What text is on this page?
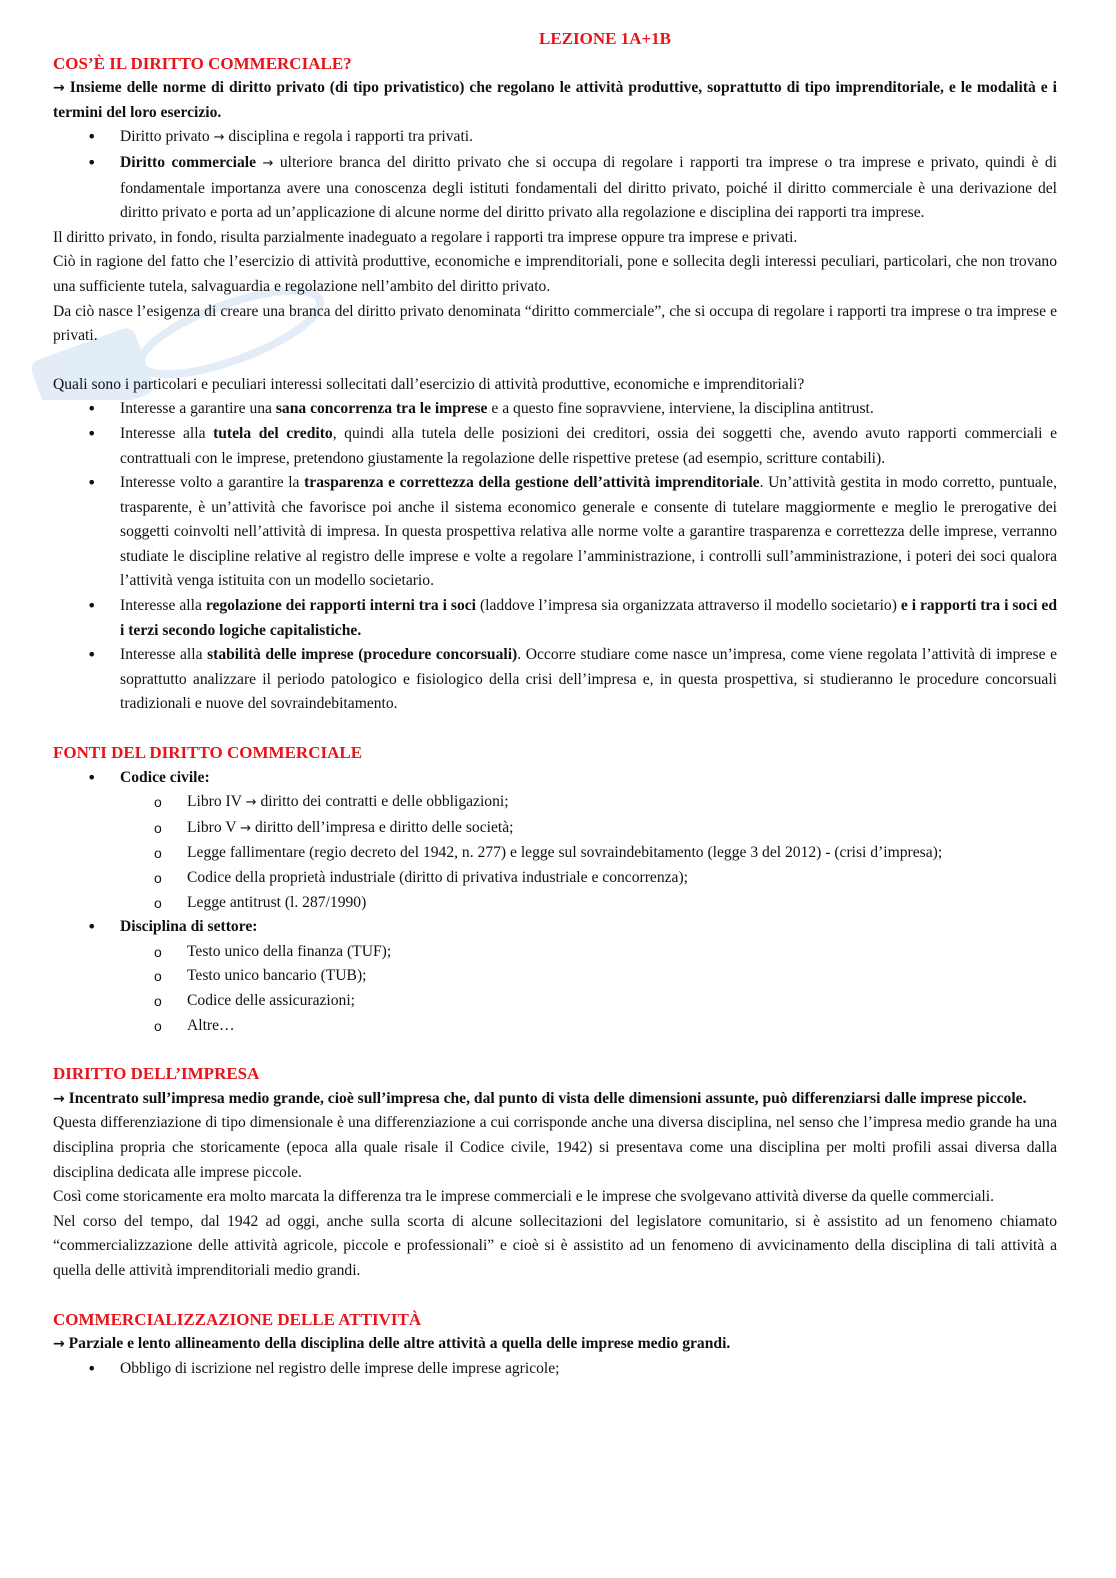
LEZIONE 1A+1B
COS’È IL DIRITTO COMMERCIALE?

→ Insieme delle norme di diritto privato (di tipo privatistico) che regolano le attività produttive, soprattutto di tipo imprenditoriale, e le modalità e i termini del loro esercizio.

• Diritto privato → disciplina e regola i rapporti tra privati.
• Diritto commerciale → ulteriore branca del diritto privato che si occupa di regolare i rapporti tra imprese o tra imprese e privato, quindi è di fondamentale importanza avere una conoscenza degli istituti fondamentali del diritto privato, poiché il diritto commerciale è una derivazione del diritto privato e porta ad un’applicazione di alcune norme del diritto privato alla regolazione e disciplina dei rapporti tra imprese.

Il diritto privato, in fondo, risulta parzialmente inadeguato a regolare i rapporti tra imprese oppure tra imprese e privati.

Ciò in ragione del fatto che l’esercizio di attività produttive, economiche e imprenditoriali, pone e sollecita degli interessi peculiari, particolari, che non trovano una sufficiente tutela, salvaguardia e regolazione nell’ambito del diritto privato.

Da ciò nasce l’esigenza di creare una branca del diritto privato denominata “diritto commerciale”, che si occupa di regolare i rapporti tra imprese o tra imprese e privati.

Quali sono i particolari e peculiari interessi sollecitati dall’esercizio di attività produttive, economiche e imprenditoriali?

• Interesse a garantire una sana concorrenza tra le imprese e a questo fine sopravviene, interviene, la disciplina antitrust.
• Interesse alla tutela del credito, quindi alla tutela delle posizioni dei creditori, ossia dei soggetti che, avendo avuto rapporti commerciali e contrattuali con le imprese, pretendono giustamente la regolazione delle rispettive pretese (ad esempio, scritture contabili).
• Interesse volto a garantire la trasparenza e correttezza della gestione dell’attività imprenditoriale. Un’attività gestita in modo corretto, puntuale, trasparente, è un’attività che favorisce poi anche il sistema economico generale e consente di tutelare maggiormente e meglio le prerogative dei soggetti coinvolti nell’attività di impresa. In questa prospettiva relativa alle norme volte a garantire trasparenza e correttezza delle imprese, verranno studiate le discipline relative al registro delle imprese e volte a regolare l’amministrazione, i controlli sull’amministrazione, i poteri dei soci qualora l’attività venga istituita con un modello societario.
• Interesse alla regolazione dei rapporti interni tra i soci (laddove l’impresa sia organizzata attraverso il modello societario) e i rapporti tra i soci ed i terzi secondo logiche capitalistiche.
• Interesse alla stabilità delle imprese (procedure concorsuali). Occorre studiare come nasce un’impresa, come viene regolata l’attività di imprese e soprattutto analizzare il periodo patologico e fisiologico della crisi dell’impresa e, in questa prospettiva, si studieranno le procedure concorsuali tradizionali e nuove del sovraindebitamento.
FONTI DEL DIRITTO COMMERCIALE
• Codice civile:
o Libro IV → diritto dei contratti e delle obbligazioni;
o Libro V → diritto dell’impresa e diritto delle società;
o Legge fallimentare (regio decreto del 1942, n. 277) e legge sul sovraindebitamento (legge 3 del 2012) - (crisi d’impresa);
o Codice della proprietà industriale (diritto di privativa industriale e concorrenza);
o Legge antitrust (l. 287/1990)
• Disciplina di settore:
o Testo unico della finanza (TUF);
o Testo unico bancario (TUB);
o Codice delle assicurazioni;
o Altre…
DIRITTO DELL’IMPRESA

→ Incentrato sull’impresa medio grande, cioè sull’impresa che, dal punto di vista delle dimensioni assunte, può differenziarsi dalle imprese piccole.

Questa differenziazione di tipo dimensionale è una differenziazione a cui corrisponde anche una diversa disciplina, nel senso che l’impresa medio grande ha una disciplina propria che storicamente (epoca alla quale risale il Codice civile, 1942) si presentava come una disciplina per molti profili assai diversa dalla disciplina dedicata alle imprese piccole.

Così come storicamente era molto marcata la differenza tra le imprese commerciali e le imprese che svolgevano attività diverse da quelle commerciali.

Nel corso del tempo, dal 1942 ad oggi, anche sulla scorta di alcune sollecitazioni del legislatore comunitario, si è assistito ad un fenomeno chiamato “commercializzazione delle attività agricole, piccole e professionali” e cioè si è assistito ad un fenomeno di avvicinamento della disciplina di tali attività a quella delle attività imprenditoriali medio grandi.

COMMERCIALIZZAZIONE DELLE ATTIVITÀ

→ Parziale e lento allineamento della disciplina delle altre attività a quella delle imprese medio grandi.

• Obbligo di iscrizione nel registro delle imprese delle imprese agricole;
